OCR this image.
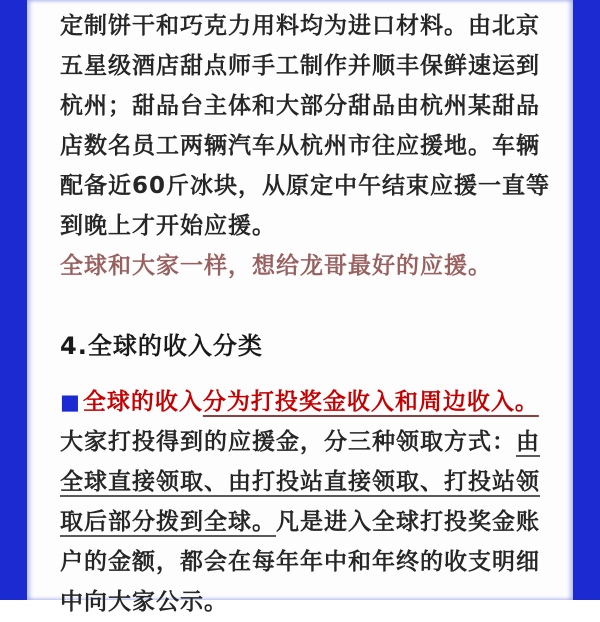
定制饼干和巧克力用料均为进口材料。由北京
五星级酒店甜点师手工制作并顺丰保鲜速运到
杭州；甜品台主体和大部分甜品由杭州某甜品
店数名员工两辆汽车从杭州市往应援地。车辆
配备近60斤冰块，从原定中午结束应援一直等
到晚上才开始应援。
全球和大家一样，想给龙哥最好的应援。
4.全球的收入分类
■全球的收入分为打投奖金收入和周边收入。
大家打投得到的应援金，分三种领取方式：由
全球直接领取、由打投站直接领取、打投站领
取后部分拨到全球。凡是进入全球打投奖金账
户的金额，都会在每年年中和年终的收支明细
中向大家公示。
